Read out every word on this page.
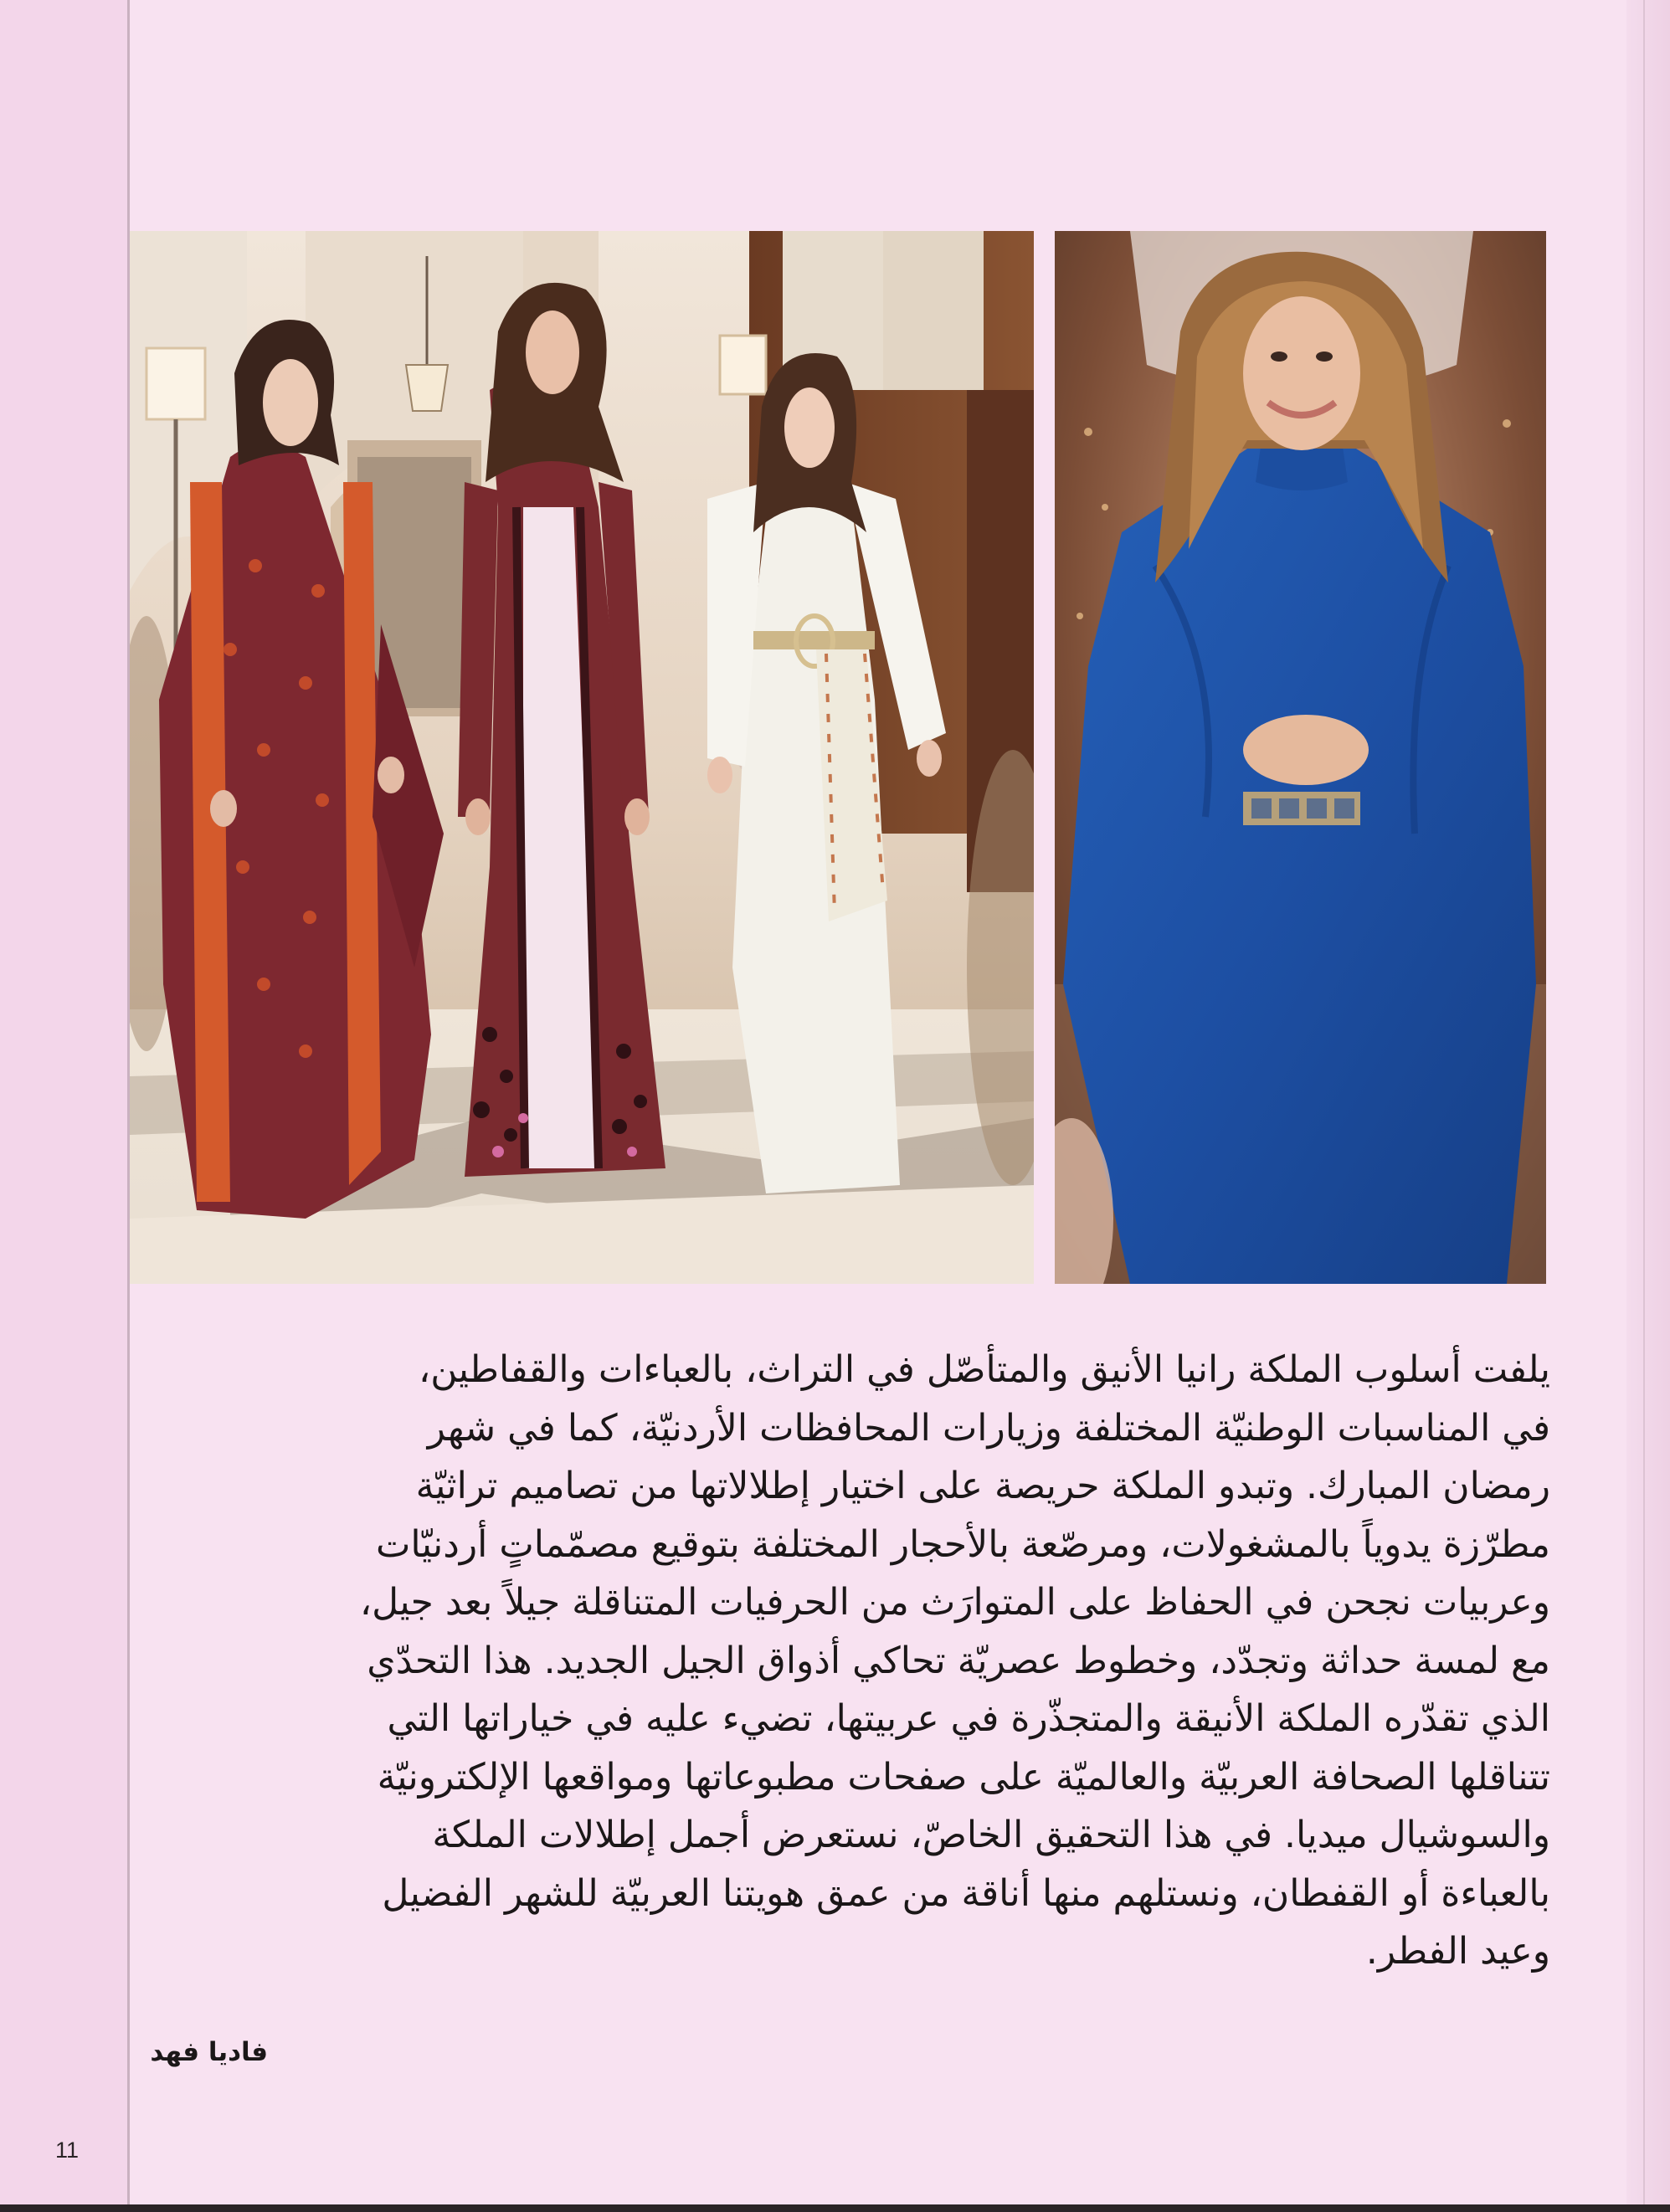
يلفت أسلوب الملكة رانيا الأنيق والمتأصّل في التراث، بالعباءات والقفاطين،
في المناسبات الوطنيّة المختلفة وزيارات المحافظات الأردنيّة، كما في شهر
رمضان المبارك. وتبدو الملكة حريصة على اختيار إطلالاتها من تصاميم تراثيّة
مطرّزة يدوياً بالمشغولات، ومرصّعة بالأحجار المختلفة بتوقيع مصمّماتٍ أردنيّات
وعربيات نجحن في الحفاظ على المتوارَث من الحرفيات المتناقلة جيلاً بعد جيل،
مع لمسة حداثة وتجدّد، وخطوط عصريّة تحاكي أذواق الجيل الجديد. هذا التحدّي
الذي تقدّره الملكة الأنيقة والمتجذّرة في عربيتها، تضيء عليه في خياراتها التي
تتناقلها الصحافة العربيّة والعالميّة على صفحات مطبوعاتها ومواقعها الإلكترونيّة
والسوشيال ميديا. في هذا التحقيق الخاصّ، نستعرض أجمل إطلالات الملكة
بالعباءة أو القفطان، ونستلهم منها أناقة من عمق هويتنا العربيّة للشهر الفضيل
وعيد الفطر.

فاديا فهد
11
